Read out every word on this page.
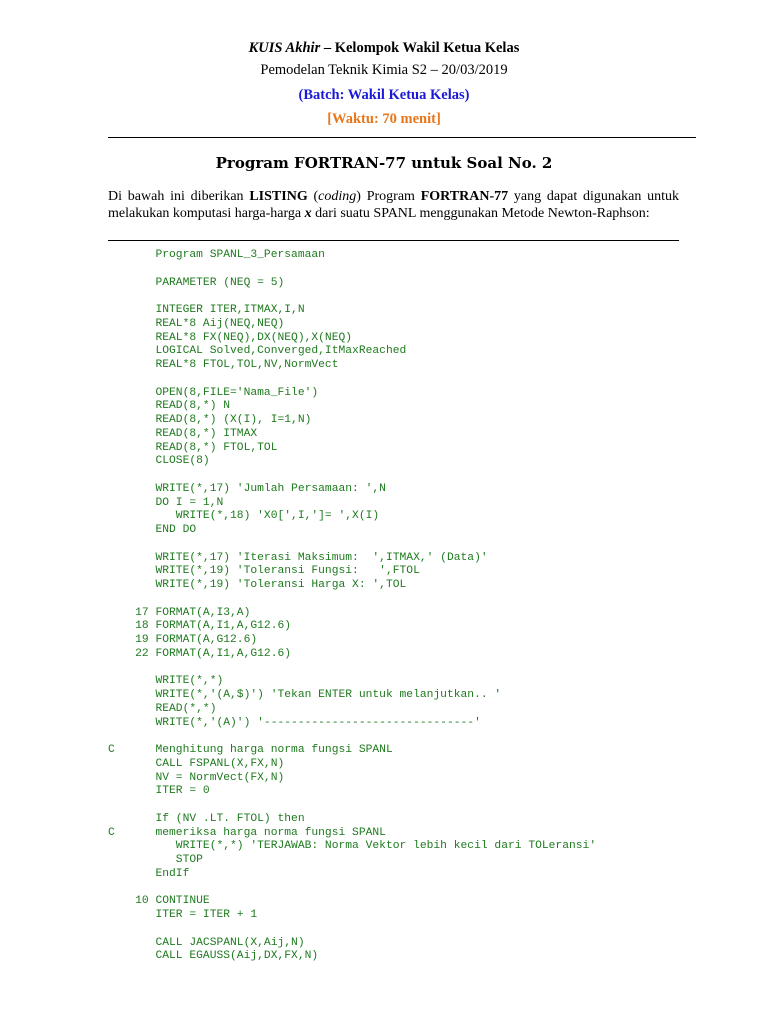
KUIS Akhir – Kelompok Wakil Ketua Kelas
Pemodelan Teknik Kimia S2 – 20/03/2019
(Batch: Wakil Ketua Kelas)
[Waktu: 70 menit]
Program FORTRAN-77 untuk Soal No. 2
Di bawah ini diberikan LISTING (coding) Program FORTRAN-77 yang dapat digunakan untuk melakukan komputasi harga-harga x dari suatu SPANL menggunakan Metode Newton-Raphson:
Program SPANL_3_Persamaan
PARAMETER (NEQ = 5)
INTEGER ITER,ITMAX,I,N
REAL*8 Aij(NEQ,NEQ)
REAL*8 FX(NEQ),DX(NEQ),X(NEQ)
LOGICAL Solved,Converged,ItMaxReached
REAL*8 FTOL,TOL,NV,NormVect
OPEN(8,FILE='Nama_File')
READ(8,*) N
READ(8,*) (X(I), I=1,N)
READ(8,*) ITMAX
READ(8,*) FTOL,TOL
CLOSE(8)
WRITE(*,17) 'Jumlah Persamaan: ',N
DO I = 1,N
WRITE(*,18) 'X0[',I,']= ',X(I)
END DO
WRITE(*,17) 'Iterasi Maksimum:  ',ITMAX,' (Data)'
WRITE(*,19) 'Toleransi Fungsi:   ',FTOL
WRITE(*,19) 'Toleransi Harga X: ',TOL
17 FORMAT(A,I3,A)
18 FORMAT(A,I1,A,G12.6)
19 FORMAT(A,G12.6)
22 FORMAT(A,I1,A,G12.6)
WRITE(*,*)
WRITE(*,'(A,$)') 'Tekan ENTER untuk melanjutkan.. '
READ(*,*)
WRITE(*,'(A)') '-------------------------------'
C      Menghitung harga norma fungsi SPANL
CALL FSPANL(X,FX,N)
NV = NormVect(FX,N)
ITER = 0
If (NV .LT. FTOL) then
C      memeriksa harga norma fungsi SPANL
WRITE(*,*) 'TERJAWAB: Norma Vektor lebih kecil dari TOLeransi'
STOP
EndIf
10 CONTINUE
ITER = ITER + 1
CALL JACSPANL(X,Aij,N)
CALL EGAUSS(Aij,DX,FX,N)
